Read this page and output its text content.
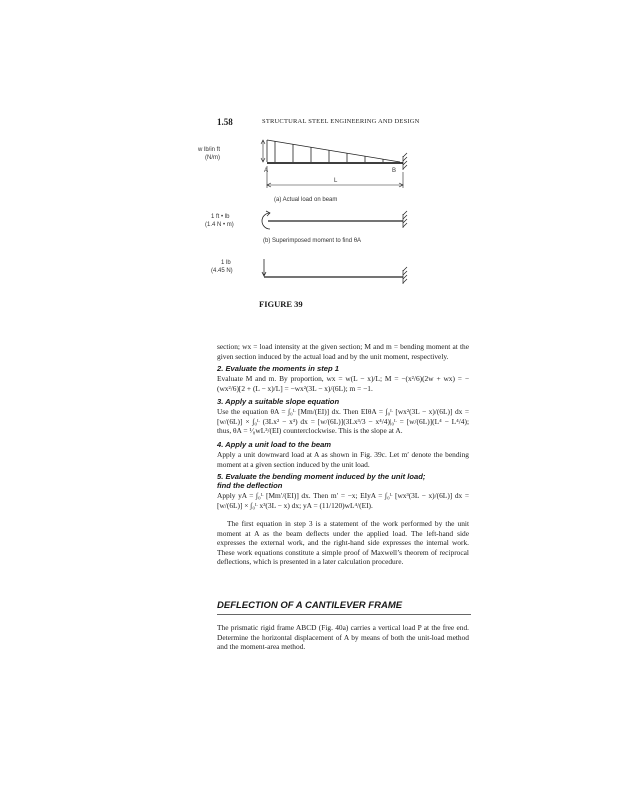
1.58	STRUCTURAL STEEL ENGINEERING AND DESIGN
w lb/in ft
(N/m)
A	B
L
(a) Actual load on beam
1 ft • lb
(1.4 N • m)
(b) Superimposed moment to find θA
1 lb
(4.45 N)
FIGURE 39
section; wx = load intensity at the given section; M and m = bending moment at the given section induced by the actual load and by the unit moment, respectively.
2. Evaluate the moments in step 1
Evaluate M and m. By proportion, wx = w(L − x)/L; M = −(x²/6)(2w + wx) = −(wx²/6)[2 + (L − x)/L] = −wx²(3L − x)/(6L); m = −1.
3. Apply a suitable slope equation
Use the equation θA = ∫₀ᴸ [Mm/(EI)] dx. Then EIθA = ∫₀ᴸ [wx²(3L − x)/(6L)] dx = [w/(6L)] × ∫₀ᴸ (3Lx² − x³) dx = [w/(6L)](3Lx³/3 − x⁴/4)|₀ᴸ = [w/(6L)](L⁴ − L⁴/4); thus, θA = ¹⁄₈wL³/(EI) counterclockwise. This is the slope at A.
4. Apply a unit load to the beam
Apply a unit downward load at A as shown in Fig. 39c. Let m′ denote the bending moment at a given section induced by the unit load.
5. Evaluate the bending moment induced by the unit load;
find the deflection
Apply yA = ∫₀ᴸ [Mm′/(EI)] dx. Then m′ = −x; EIyA = ∫₀ᴸ [wx³(3L − x)/(6L)] dx = [w/(6L)] × ∫₀ᴸ x³(3L − x) dx; yA = (11/120)wL⁴/(EI).
DEFLECTION OF A CANTILEVER FRAME
The prismatic rigid frame ABCD (Fig. 40a) carries a vertical load P at the free end. Determine the horizontal displacement of A by means of both the unit-load method and the moment-area method.
The first equation in step 3 is a statement of the work performed by the unit moment at A as the beam deflects under the applied load. The left-hand side expresses the external work, and the right-hand side expresses the internal work. These work equations constitute a simple proof of Maxwell’s theorem of reciprocal deflections, which is presented in a later calculation procedure.
